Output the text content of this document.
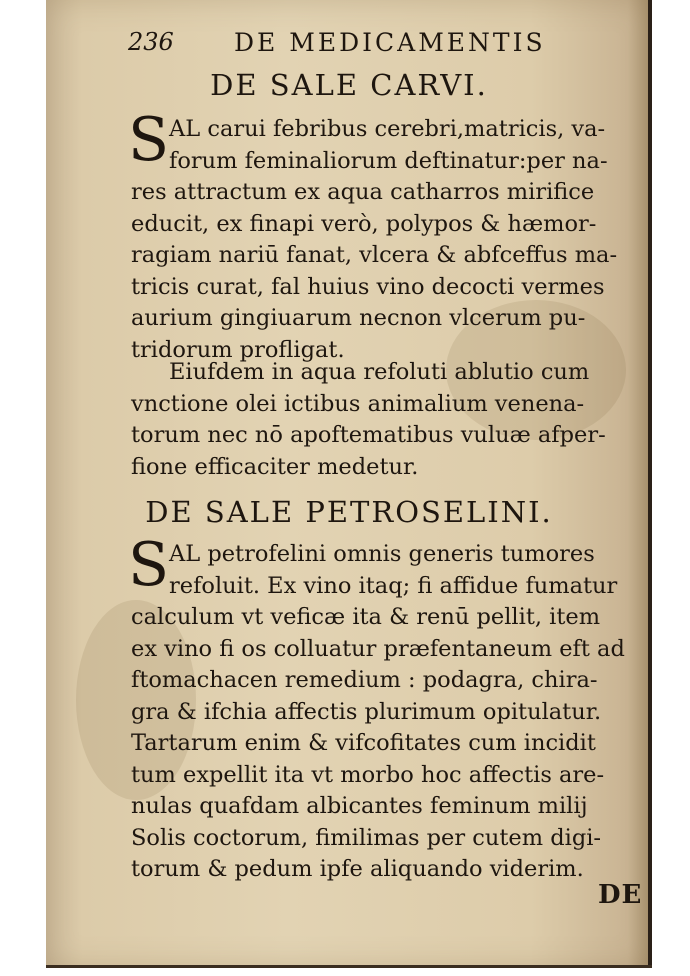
236 DE MEDICAMENTIS
DE SALE CARVI.
S AL carui febribus cerebri,matricis, va-
forum feminaliorum deftinatur:per na-
res attractum ex aqua catharros mirifice
educit, ex finapi verò, polypos & hæmor-
ragiam nariū fanat, vlcera & abfceffus ma-
tricis curat, fal huius vino decocti vermes
aurium gingiuarum necnon vlcerum pu-
tridorum profligat.
Eiufdem in aqua refoluti ablutio cum
vnctione olei ictibus animalium venena-
torum nec nō apoftematibus vuluæ afper-
fione efficaciter medetur.
DE SALE PETROSELINI.
S AL petrofelini omnis generis tumores
refoluit. Ex vino itaq; fi affidue fumatur
calculum vt veficæ ita & renū pellit, item
ex vino fi os colluatur præfentaneum eft ad
ftomachacen remedium : podagra, chira-
gra & ifchia affectis plurimum opitulatur.
Tartarum enim & vifcofitates cum incidit
tum expellit ita vt morbo hoc affectis are-
nulas quafdam albicantes feminum milij
Solis coctorum, fimilimas per cutem digi-
torum & pedum ipfe aliquando viderim.
DE
